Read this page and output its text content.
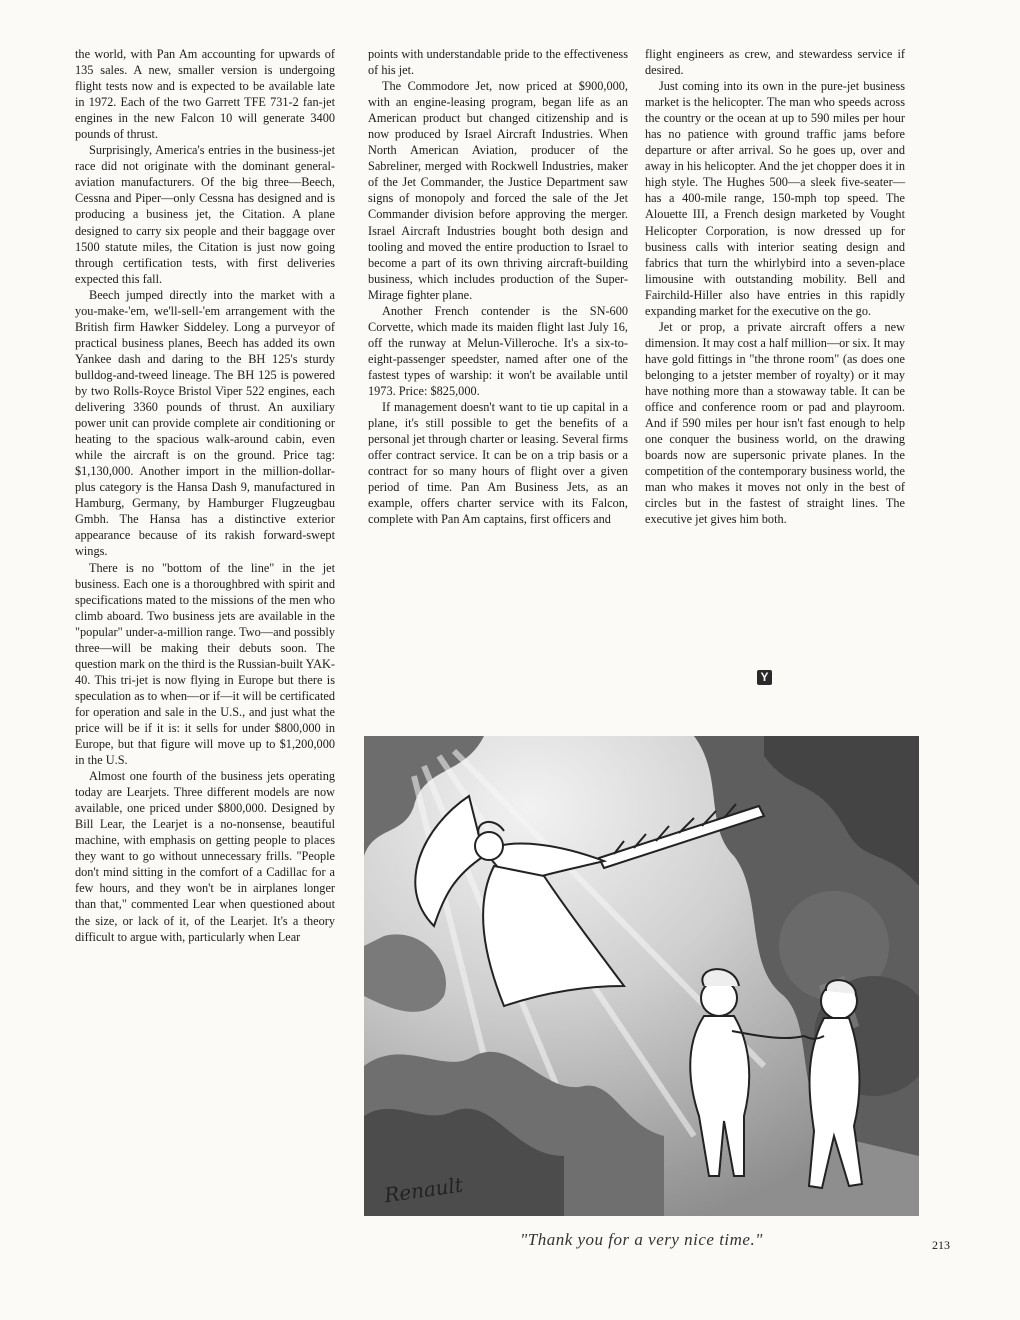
the world, with Pan Am accounting for upwards of 135 sales. A new, smaller version is undergoing flight tests now and is expected to be available late in 1972. Each of the two Garrett TFE 731-2 fan-jet engines in the new Falcon 10 will generate 3400 pounds of thrust.

Surprisingly, America's entries in the business-jet race did not originate with the dominant general-aviation manufacturers. Of the big three—Beech, Cessna and Piper—only Cessna has designed and is producing a business jet, the Citation. A plane designed to carry six people and their baggage over 1500 statute miles, the Citation is just now going through certification tests, with first deliveries expected this fall.

Beech jumped directly into the market with a you-make-'em, we'll-sell-'em arrangement with the British firm Hawker Siddeley. Long a purveyor of practical business planes, Beech has added its own Yankee dash and daring to the BH 125's sturdy bulldog-and-tweed lineage. The BH 125 is powered by two Rolls-Royce Bristol Viper 522 engines, each delivering 3360 pounds of thrust. An auxiliary power unit can provide complete air conditioning or heating to the spacious walk-around cabin, even while the aircraft is on the ground. Price tag: $1,130,000. Another import in the million-dollar-plus category is the Hansa Dash 9, manufactured in Hamburg, Germany, by Hamburger Flugzeugbau Gmbh. The Hansa has a distinctive exterior appearance because of its rakish forward-swept wings.

There is no "bottom of the line" in the jet business. Each one is a thoroughbred with spirit and specifications mated to the missions of the men who climb aboard. Two business jets are available in the "popular" under-a-million range. Two—and possibly three—will be making their debuts soon. The question mark on the third is the Russian-built YAK-40. This tri-jet is now flying in Europe but there is speculation as to when—or if—it will be certificated for operation and sale in the U.S., and just what the price will be if it is: it sells for under $800,000 in Europe, but that figure will move up to $1,200,000 in the U.S.

Almost one fourth of the business jets operating today are Learjets. Three different models are now available, one priced under $800,000. Designed by Bill Lear, the Learjet is a no-nonsense, beautiful machine, with emphasis on getting people to places they want to go without unnecessary frills. "People don't mind sitting in the comfort of a Cadillac for a few hours, and they won't be in airplanes longer than that," commented Lear when questioned about the size, or lack of it, of the Learjet. It's a theory difficult to argue with, particularly when Lear

points with understandable pride to the effectiveness of his jet.

The Commodore Jet, now priced at $900,000, with an engine-leasing program, began life as an American product but changed citizenship and is now produced by Israel Aircraft Industries. When North American Aviation, producer of the Sabreliner, merged with Rockwell Industries, maker of the Jet Commander, the Justice Department saw signs of monopoly and forced the sale of the Jet Commander division before approving the merger. Israel Aircraft Industries bought both design and tooling and moved the entire production to Israel to become a part of its own thriving aircraft-building business, which includes production of the Super-Mirage fighter plane.

Another French contender is the SN-600 Corvette, which made its maiden flight last July 16, off the runway at Melun-Villeroche. It's a six-to-eight-passenger speedster, named after one of the fastest types of warship: it won't be available until 1973. Price: $825,000.

If management doesn't want to tie up capital in a plane, it's still possible to get the benefits of a personal jet through charter or leasing. Several firms offer contract service. It can be on a trip basis or a contract for so many hours of flight over a given period of time. Pan Am Business Jets, as an example, offers charter service with its Falcon, complete with Pan Am captains, first officers and

flight engineers as crew, and stewardess service if desired.

Just coming into its own in the pure-jet business market is the helicopter. The man who speeds across the country or the ocean at up to 590 miles per hour has no patience with ground traffic jams before departure or after arrival. So he goes up, over and away in his helicopter. And the jet chopper does it in high style. The Hughes 500—a sleek five-seater—has a 400-mile range, 150-mph top speed. The Alouette III, a French design marketed by Vought Helicopter Corporation, is now dressed up for business calls with interior seating design and fabrics that turn the whirlybird into a seven-place limousine with outstanding mobility. Bell and Fairchild-Hiller also have entries in this rapidly expanding market for the executive on the go.

Jet or prop, a private aircraft offers a new dimension. It may cost a half million—or six. It may have gold fittings in "the throne room" (as does one belonging to a jetster member of royalty) or it may have nothing more than a stowaway table. It can be office and conference room or pad and playroom. And if 590 miles per hour isn't fast enough to help one conquer the business world, on the drawing boards now are supersonic private planes. In the competition of the contemporary business world, the man who makes it moves not only in the best of circles but in the fastest of straight lines. The executive jet gives him both.

Y
Renault
"Thank you for a very nice time."	213
